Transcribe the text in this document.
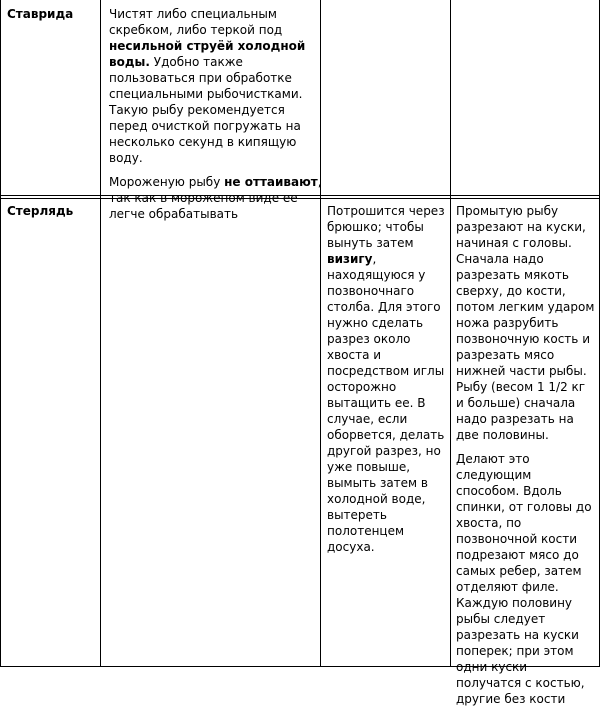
Ставрида	Чистят либо специальным скребком, либо теркой под несильной струёй холодной воды. Удобно также пользоваться при обработке специальными рыбочистками. Такую рыбу рекомендуется перед очисткой погружать на несколько секунд в кипящую воду.

Мороженую рыбу не оттаивают, так как в мороженом виде ее легче обрабатывать

Стерлядь	Потрошится через брюшко; чтобы вынуть затем визигу, находящуюся у позвоночнаго столба. Для этого нужно сделать разрез около хвоста и посредством иглы осторожно вытащить ее. В случае, если оборвется, делать другой разрез, но уже повыше, вымыть затем в холодной воде, вытереть полотенцем досуха.

Промытую рыбу разрезают на куски, начиная с головы. Сначала надо разрезать мякоть сверху, до кости, потом легким ударом ножа разрубить позвоночную кость и разрезать мясо нижней части рыбы. Рыбу (весом 1 1/2 кг и больше) сначала надо разрезать на две половины.

Делают это следующим способом. Вдоль спинки, от головы до хвоста, по позвоночной кости подрезают мясо до самых ребер, затем отделяют филе. Каждую половину рыбы следует разрезать на куски поперек; при этом одни куски получатся с костью, другие без кости
